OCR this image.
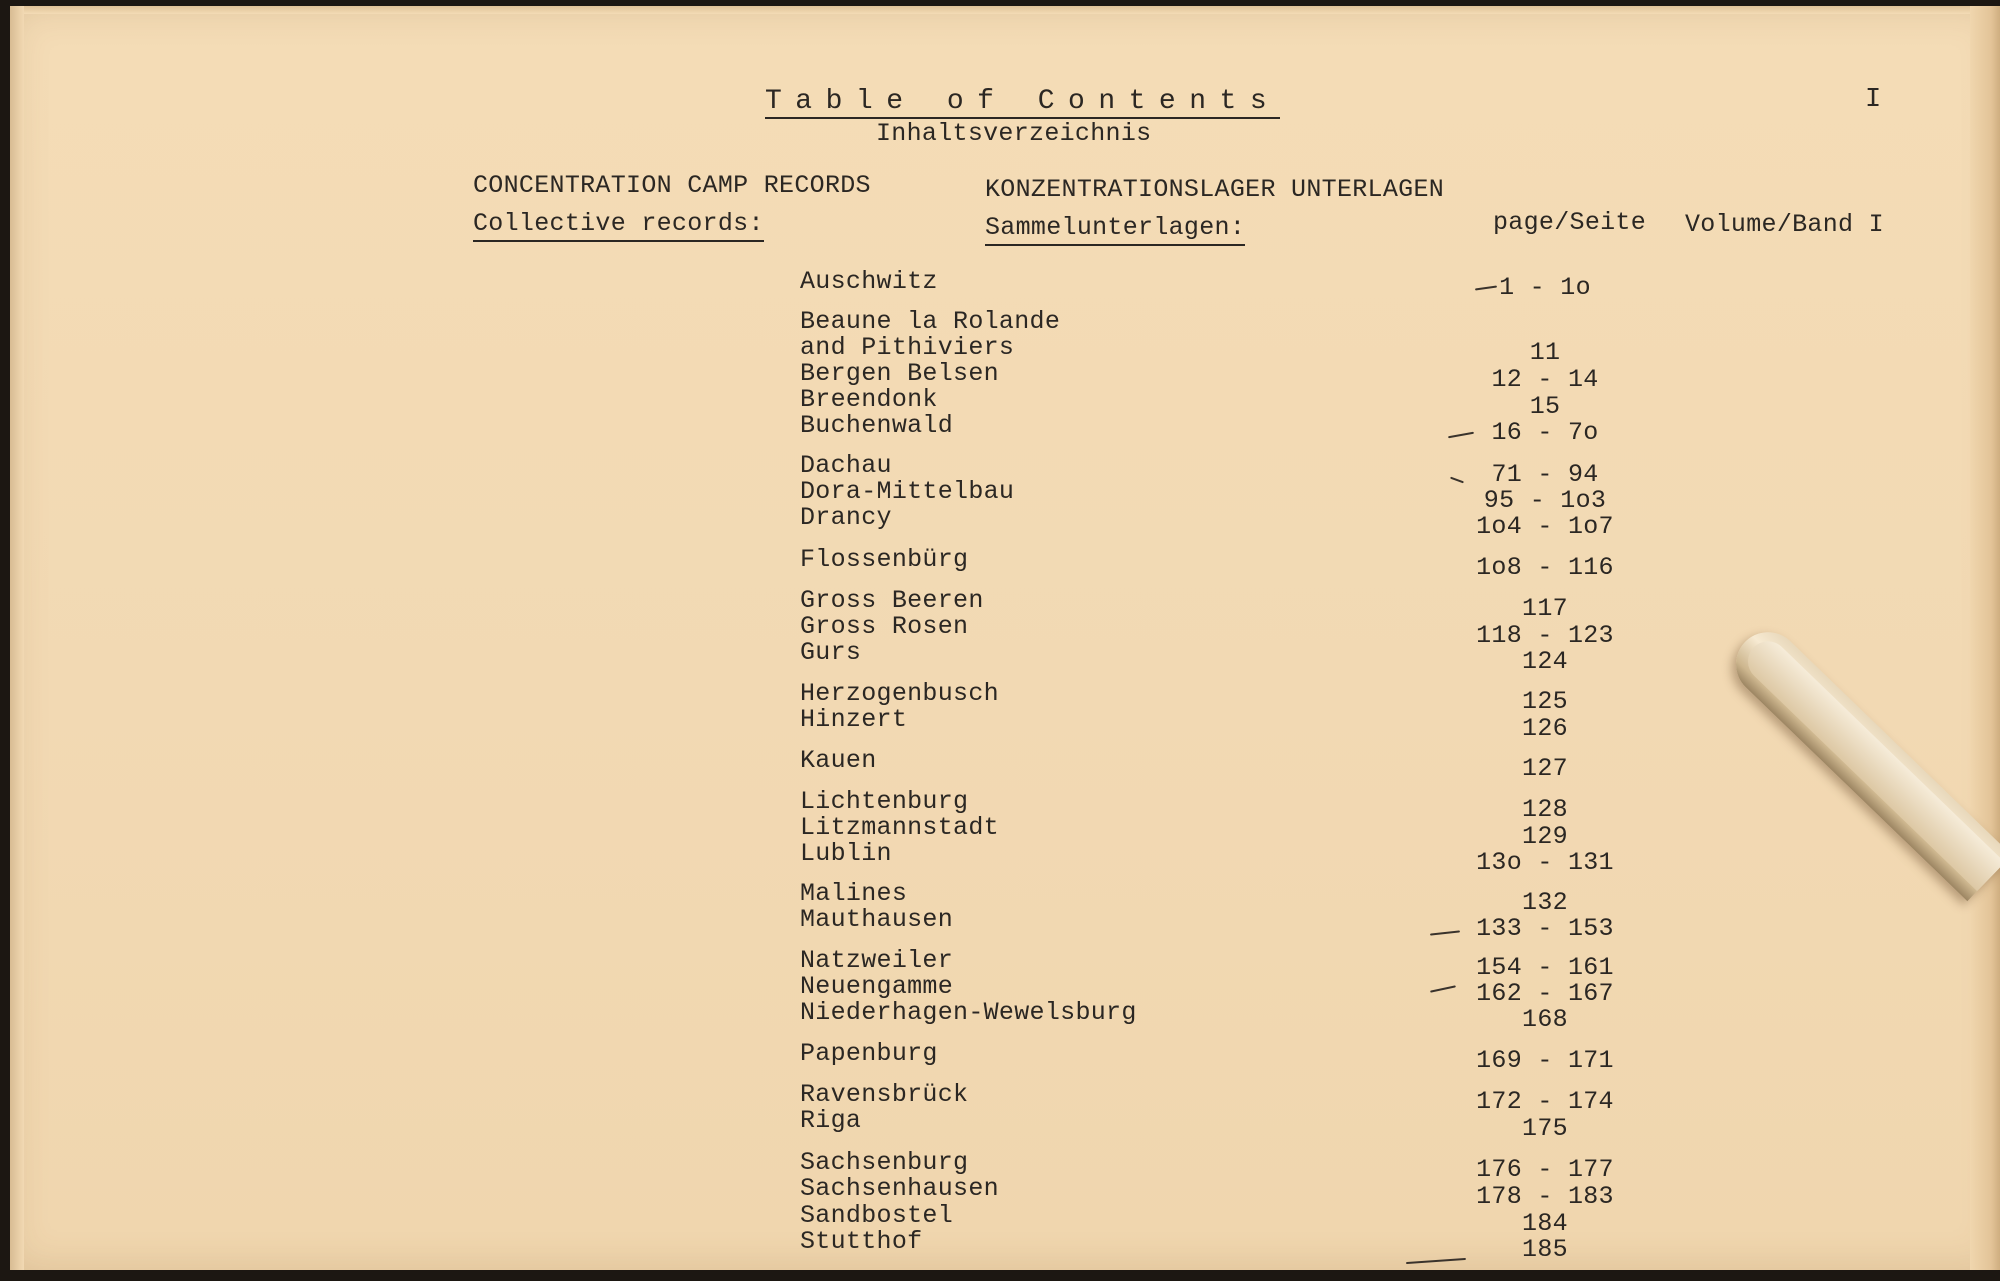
Table of Contents
Inhaltsverzeichnis
I
CONCENTRATION CAMP RECORDS	KONZENTRATIONSLAGER UNTERLAGEN
Collective records:	Sammelunterlagen:	page/Seite Volume/Band I
Auschwitz	1 - 1o
Beaune la Rolande
and Pithiviers	11
Bergen Belsen	12 - 14
Breendonk	15
Buchenwald	16 - 7o
Dachau	71 - 94
Dora-Mittelbau	95 - 1o3
Drancy	1o4 - 1o7
Flossenbürg	1o8 - 116
Gross Beeren	117
Gross Rosen	118 - 123
Gurs	124
Herzogenbusch	125
Hinzert	126
Kauen	127
Lichtenburg	128
Litzmannstadt	129
Lublin	13o - 131
Malines	132
Mauthausen	133 - 153
Natzweiler	154 - 161
Neuengamme	162 - 167
Niederhagen-Wewelsburg	168
Papenburg	169 - 171
Ravensbrück	172 - 174
Riga	175
Sachsenburg	176 - 177
Sachsenhausen	178 - 183
Sandbostel	184
Stutthof	185
